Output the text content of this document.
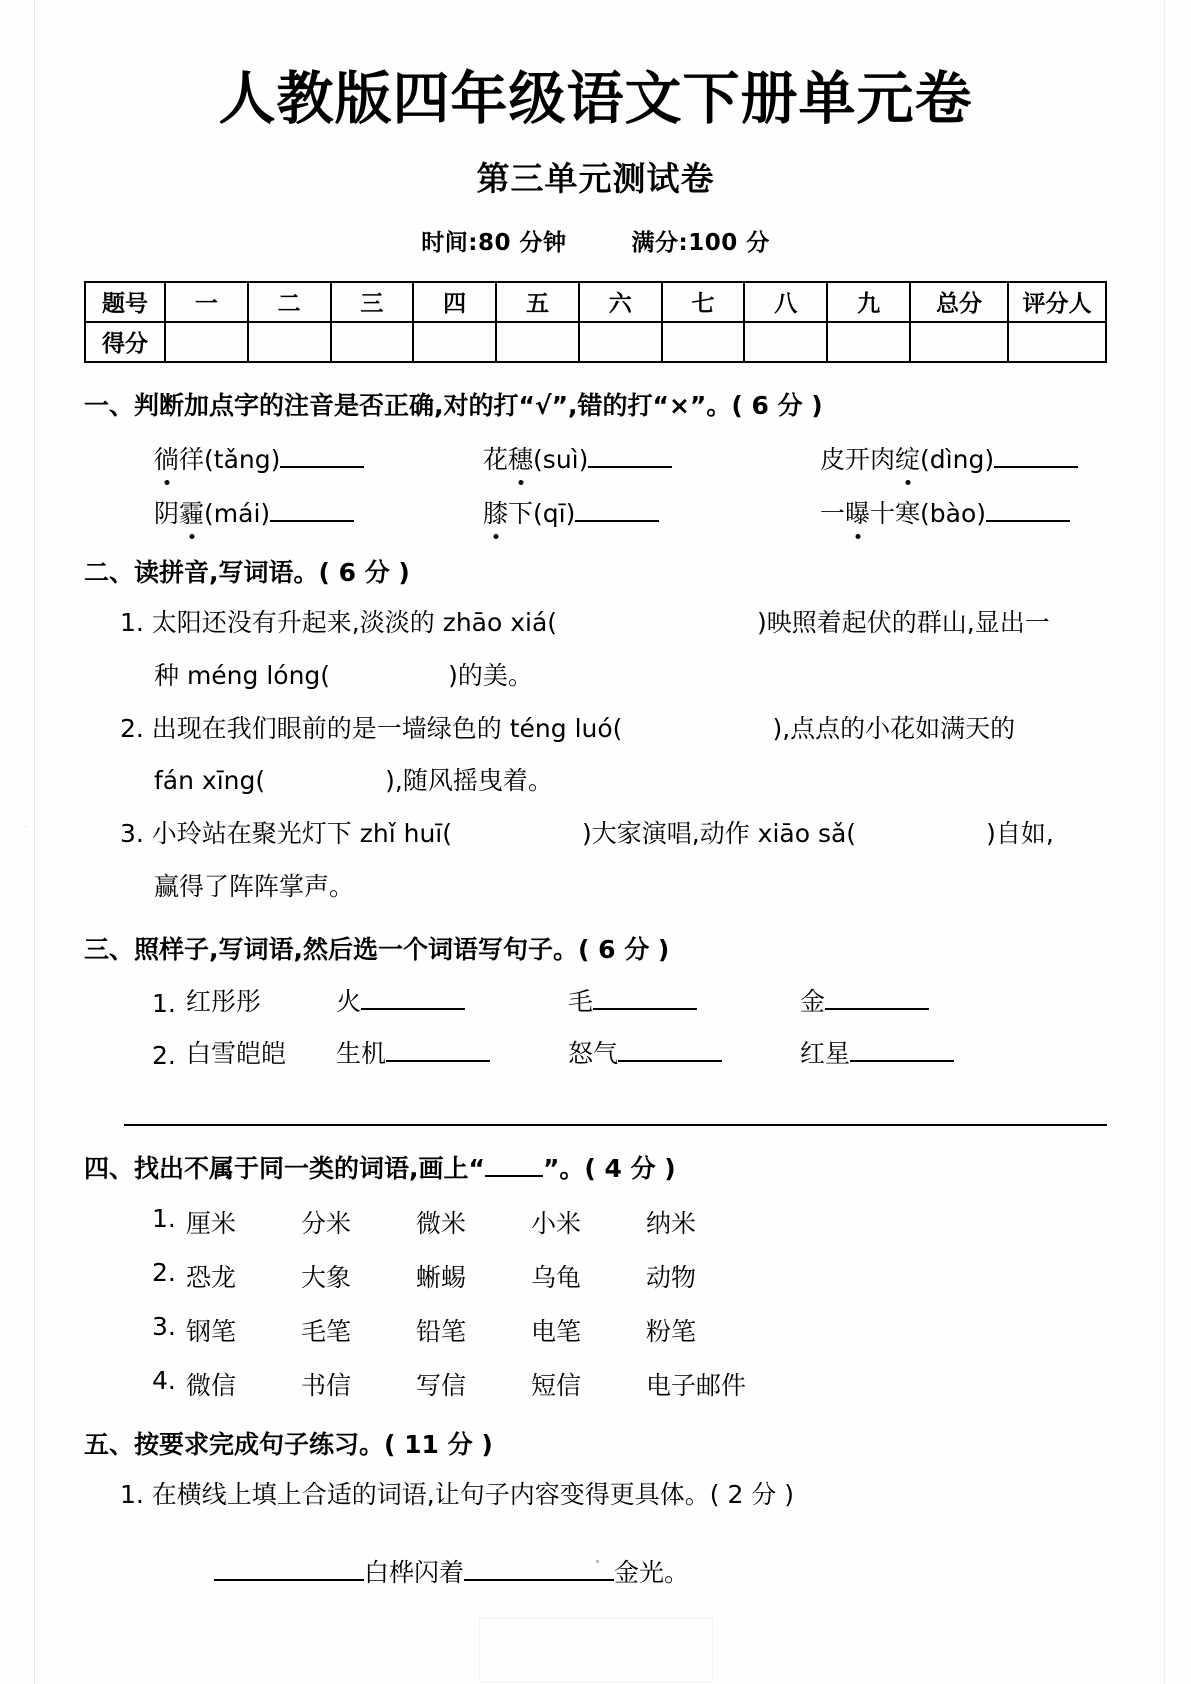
·
人教版四年级语文下册单元卷
第三单元测试卷
时间:80 分钟	满分:100 分
题号	一	二	三	四	五	六	七	八	九	总分	评分人
得分											
一、判断加点字的注音是否正确,对的打“√”,错的打“×”。( 6 分 )
徜徉(tǎng)	花穗(suì)	皮开肉绽(dìng)
阴霾(mái)	膝下(qī)	一曝十寒(bào)
二、读拼音,写词语。( 6 分 )
1. 太阳还没有升起来,淡淡的 zhāo xiá(	)映照着起伏的群山,显出一
种 méng lóng(	)的美。
2. 出现在我们眼前的是一墙绿色的 téng luó(	),点点的小花如满天的
fán xīng(	),随风摇曳着。
3. 小玲站在聚光灯下 zhǐ huī(	)大家演唱,动作 xiāo sǎ(	)自如,
赢得了阵阵掌声。
三、照样子,写词语,然后选一个词语写句子。( 6 分 )
1. 红彤彤	火	毛	金
2. 白雪皑皑	生机	怒气	红星
四、找出不属于同一类的词语,画上“ ”。( 4 分 )
1. 厘米	分米	微米	小米	纳米
2. 恐龙	大象	蜥蜴	乌龟	动物
3. 钢笔	毛笔	铅笔	电笔	粉笔
4. 微信	书信	写信	短信	电子邮件
五、按要求完成句子练习。( 11 分 )
1. 在横线上填上合适的词语,让句子内容变得更具体。( 2 分 )
白桦闪着	金光。
